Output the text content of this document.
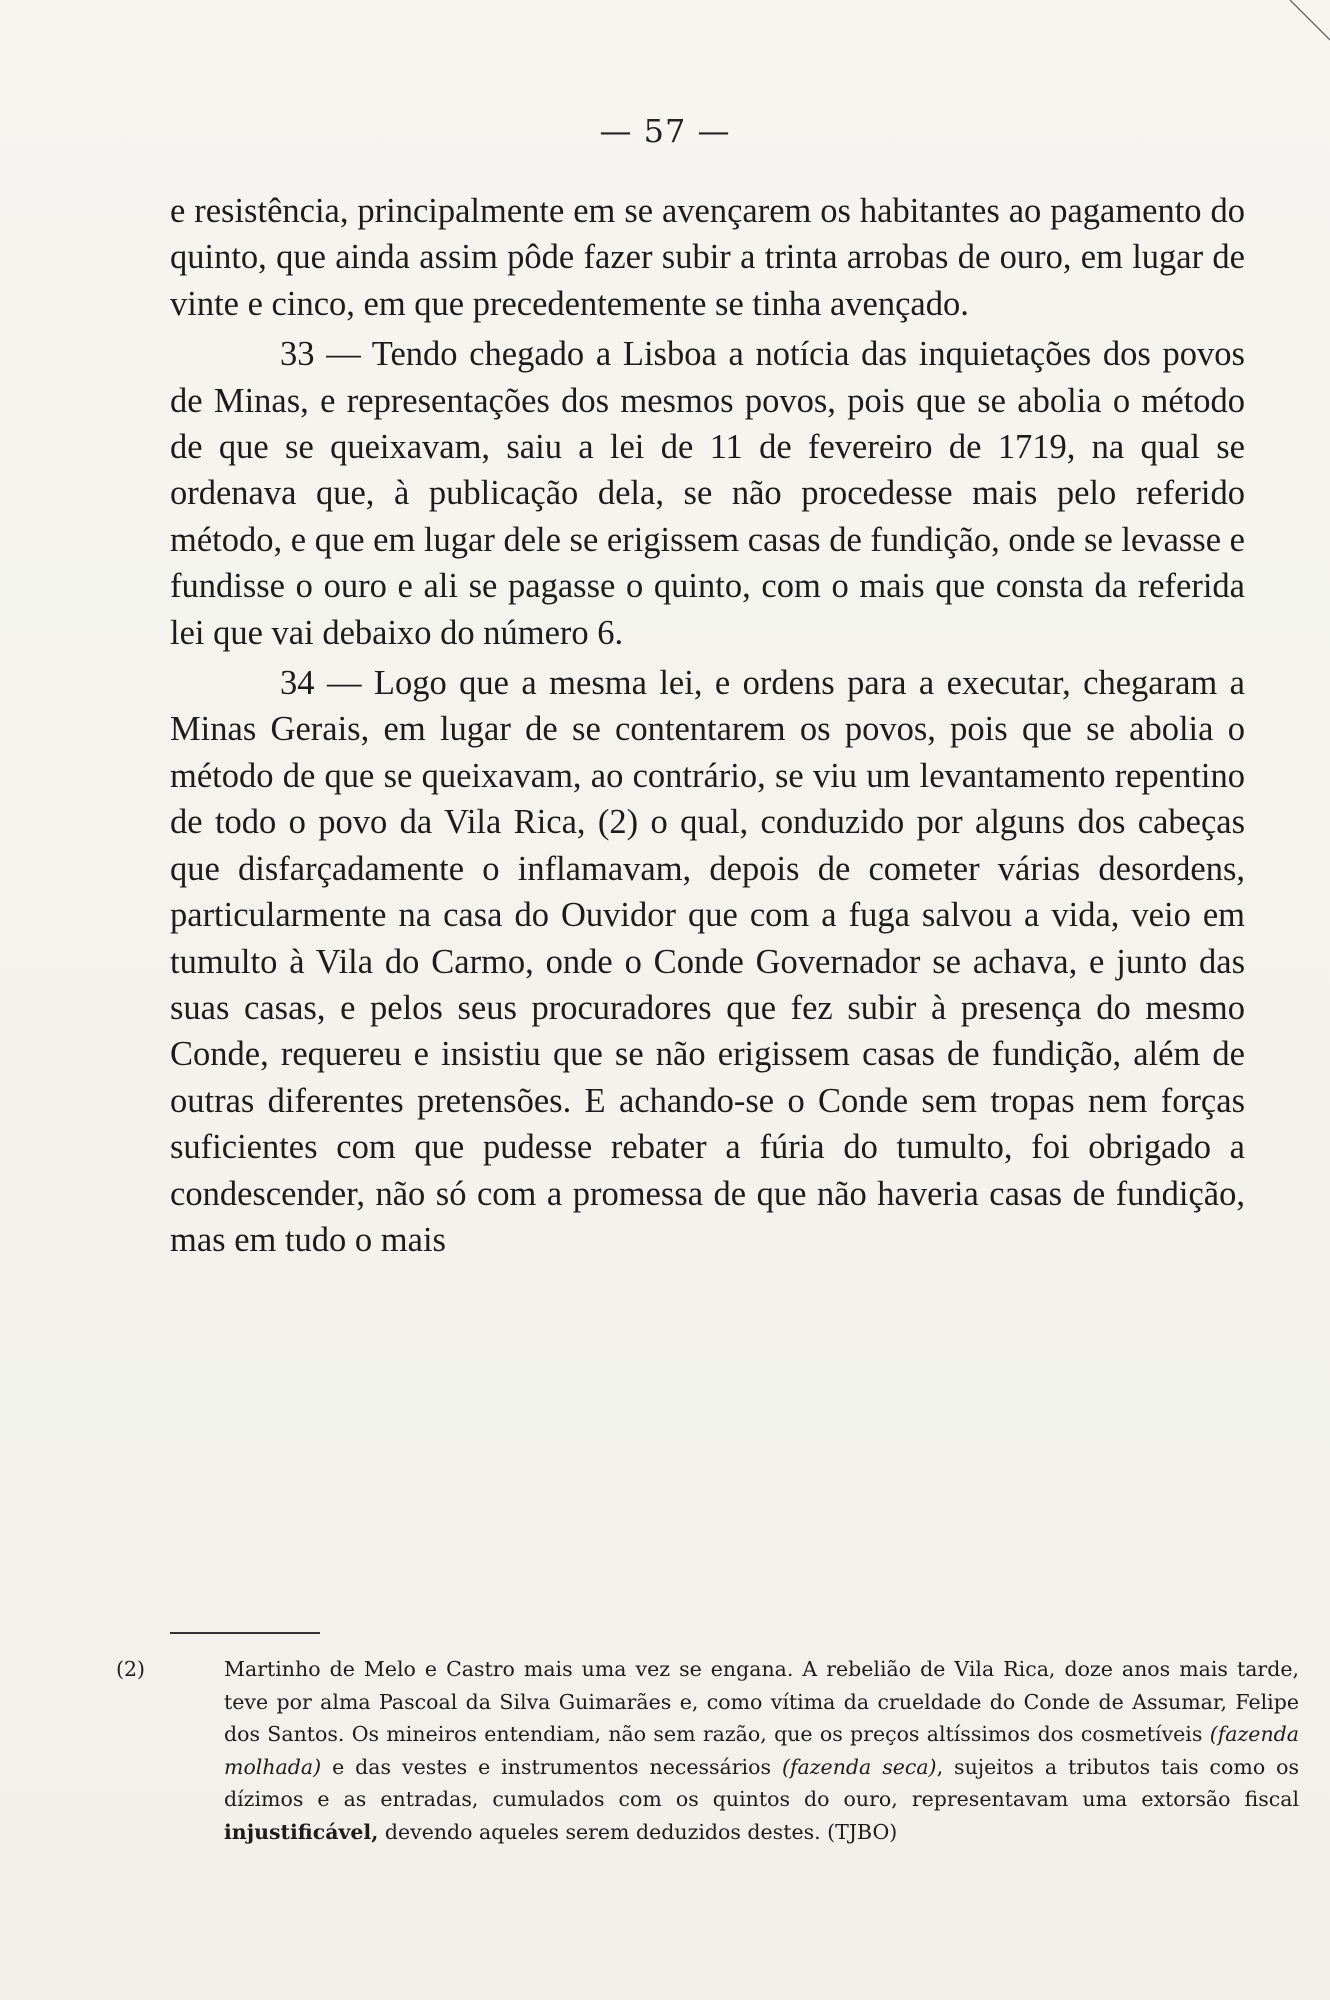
— 57 —

e resistência, principalmente em se avençarem os habitantes ao pagamento do quinto, que ainda assim pôde fazer subir a trinta arrobas de ouro, em lugar de vinte e cinco, em que precedentemente se tinha avençado.

33 — Tendo chegado a Lisboa a notícia das inquietações dos povos de Minas, e representações dos mesmos povos, pois que se abolia o método de que se queixavam, saiu a lei de 11 de fevereiro de 1719, na qual se ordenava que, à publicação dela, se não procedesse mais pelo referido método, e que em lugar dele se erigissem casas de fundição, onde se levasse e fundisse o ouro e ali se pagasse o quinto, com o mais que consta da referida lei que vai debaixo do número 6.

34 — Logo que a mesma lei, e ordens para a executar, chegaram a Minas Gerais, em lugar de se contentarem os povos, pois que se abolia o método de que se queixavam, ao contrário, se viu um levantamento repentino de todo o povo da Vila Rica, (2) o qual, conduzido por alguns dos cabeças que disfarçadamente o inflamavam, depois de cometer várias desordens, particularmente na casa do Ouvidor que com a fuga salvou a vida, veio em tumulto à Vila do Carmo, onde o Conde Governador se achava, e junto das suas casas, e pelos seus procuradores que fez subir à presença do mesmo Conde, requereu e insistiu que se não erigissem casas de fundição, além de outras diferentes pretensões. E achando-se o Conde sem tropas nem forças suficientes com que pudesse rebater a fúria do tumulto, foi obrigado a condescender, não só com a promessa de que não haveria casas de fundição, mas em tudo o mais

(2)	Martinho de Melo e Castro mais uma vez se engana. A rebelião de Vila Rica, doze anos mais tarde, teve por alma Pascoal da Silva Guimarães e, como vítima da crueldade do Conde de Assumar, Felipe dos Santos. Os mineiros entendiam, não sem razão, que os preços altíssimos dos cosmetíveis (fazenda molhada) e das vestes e instrumentos necessários (fazenda seca), sujeitos a tributos tais como os dízimos e as entradas, cumulados com os quintos do ouro, representavam uma extorsão fiscal injustificável, devendo aqueles serem deduzidos destes. (TJBO)
